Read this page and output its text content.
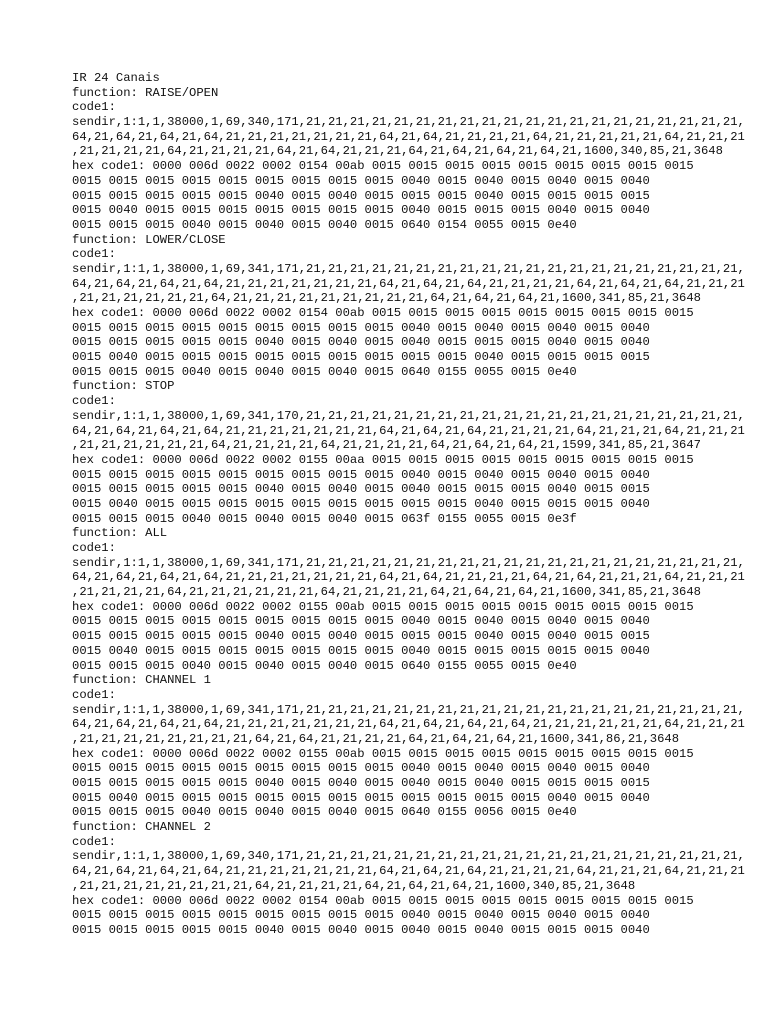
IR 24 Canais
function: RAISE/OPEN
code1:
sendir,1:1,1,38000,1,69,340,171,21,21,21,21,21,21,21,21,21,21,21,21,21,21,21,21,21,21,21,21,
64,21,64,21,64,21,64,21,21,21,21,21,21,21,64,21,64,21,21,21,21,64,21,21,21,21,21,64,21,21,21
,21,21,21,21,64,21,21,21,21,64,21,64,21,21,21,64,21,64,21,64,21,64,21,1600,340,85,21,3648
hex code1: 0000 006d 0022 0002 0154 00ab 0015 0015 0015 0015 0015 0015 0015 0015 0015
0015 0015 0015 0015 0015 0015 0015 0015 0015 0040 0015 0040 0015 0040 0015 0040
0015 0015 0015 0015 0015 0040 0015 0040 0015 0015 0015 0040 0015 0015 0015 0015
0015 0040 0015 0015 0015 0015 0015 0015 0015 0040 0015 0015 0015 0040 0015 0040
0015 0015 0015 0040 0015 0040 0015 0040 0015 0640 0154 0055 0015 0e40
function: LOWER/CLOSE
code1:
sendir,1:1,1,38000,1,69,341,171,21,21,21,21,21,21,21,21,21,21,21,21,21,21,21,21,21,21,21,21,
64,21,64,21,64,21,64,21,21,21,21,21,21,21,64,21,64,21,64,21,21,21,21,64,21,64,21,64,21,21,21
,21,21,21,21,21,21,64,21,21,21,21,21,21,21,21,21,64,21,64,21,64,21,1600,341,85,21,3648
hex code1: 0000 006d 0022 0002 0154 00ab 0015 0015 0015 0015 0015 0015 0015 0015 0015
0015 0015 0015 0015 0015 0015 0015 0015 0015 0040 0015 0040 0015 0040 0015 0040
0015 0015 0015 0015 0015 0040 0015 0040 0015 0040 0015 0015 0015 0040 0015 0040
0015 0040 0015 0015 0015 0015 0015 0015 0015 0015 0015 0040 0015 0015 0015 0015
0015 0015 0015 0040 0015 0040 0015 0040 0015 0640 0155 0055 0015 0e40
function: STOP
code1:
sendir,1:1,1,38000,1,69,341,170,21,21,21,21,21,21,21,21,21,21,21,21,21,21,21,21,21,21,21,21,
64,21,64,21,64,21,64,21,21,21,21,21,21,21,64,21,64,21,64,21,21,21,21,64,21,21,21,64,21,21,21
,21,21,21,21,21,21,64,21,21,21,21,64,21,21,21,21,64,21,64,21,64,21,1599,341,85,21,3647
hex code1: 0000 006d 0022 0002 0155 00aa 0015 0015 0015 0015 0015 0015 0015 0015 0015
0015 0015 0015 0015 0015 0015 0015 0015 0015 0040 0015 0040 0015 0040 0015 0040
0015 0015 0015 0015 0015 0040 0015 0040 0015 0040 0015 0015 0015 0040 0015 0015
0015 0040 0015 0015 0015 0015 0015 0015 0015 0015 0015 0040 0015 0015 0015 0040
0015 0015 0015 0040 0015 0040 0015 0040 0015 063f 0155 0055 0015 0e3f
function: ALL
code1:
sendir,1:1,1,38000,1,69,341,171,21,21,21,21,21,21,21,21,21,21,21,21,21,21,21,21,21,21,21,21,
64,21,64,21,64,21,64,21,21,21,21,21,21,21,64,21,64,21,21,21,21,64,21,64,21,21,21,64,21,21,21
,21,21,21,21,64,21,21,21,21,21,21,64,21,21,21,21,64,21,64,21,64,21,1600,341,85,21,3648
hex code1: 0000 006d 0022 0002 0155 00ab 0015 0015 0015 0015 0015 0015 0015 0015 0015
0015 0015 0015 0015 0015 0015 0015 0015 0015 0040 0015 0040 0015 0040 0015 0040
0015 0015 0015 0015 0015 0040 0015 0040 0015 0015 0015 0040 0015 0040 0015 0015
0015 0040 0015 0015 0015 0015 0015 0015 0015 0040 0015 0015 0015 0015 0015 0040
0015 0015 0015 0040 0015 0040 0015 0040 0015 0640 0155 0055 0015 0e40
function: CHANNEL 1
code1:
sendir,1:1,1,38000,1,69,341,171,21,21,21,21,21,21,21,21,21,21,21,21,21,21,21,21,21,21,21,21,
64,21,64,21,64,21,64,21,21,21,21,21,21,21,64,21,64,21,64,21,64,21,21,21,21,21,21,64,21,21,21
,21,21,21,21,21,21,21,21,64,21,64,21,21,21,21,64,21,64,21,64,21,1600,341,86,21,3648
hex code1: 0000 006d 0022 0002 0155 00ab 0015 0015 0015 0015 0015 0015 0015 0015 0015
0015 0015 0015 0015 0015 0015 0015 0015 0015 0040 0015 0040 0015 0040 0015 0040
0015 0015 0015 0015 0015 0040 0015 0040 0015 0040 0015 0040 0015 0015 0015 0015
0015 0040 0015 0015 0015 0015 0015 0015 0015 0015 0015 0015 0015 0040 0015 0040
0015 0015 0015 0040 0015 0040 0015 0040 0015 0640 0155 0056 0015 0e40
function: CHANNEL 2
code1:
sendir,1:1,1,38000,1,69,340,171,21,21,21,21,21,21,21,21,21,21,21,21,21,21,21,21,21,21,21,21,
64,21,64,21,64,21,64,21,21,21,21,21,21,21,64,21,64,21,64,21,21,21,21,64,21,21,21,64,21,21,21
,21,21,21,21,21,21,21,21,64,21,21,21,21,64,21,64,21,64,21,1600,340,85,21,3648
hex code1: 0000 006d 0022 0002 0154 00ab 0015 0015 0015 0015 0015 0015 0015 0015 0015
0015 0015 0015 0015 0015 0015 0015 0015 0015 0040 0015 0040 0015 0040 0015 0040
0015 0015 0015 0015 0015 0040 0015 0040 0015 0040 0015 0040 0015 0015 0015 0040
